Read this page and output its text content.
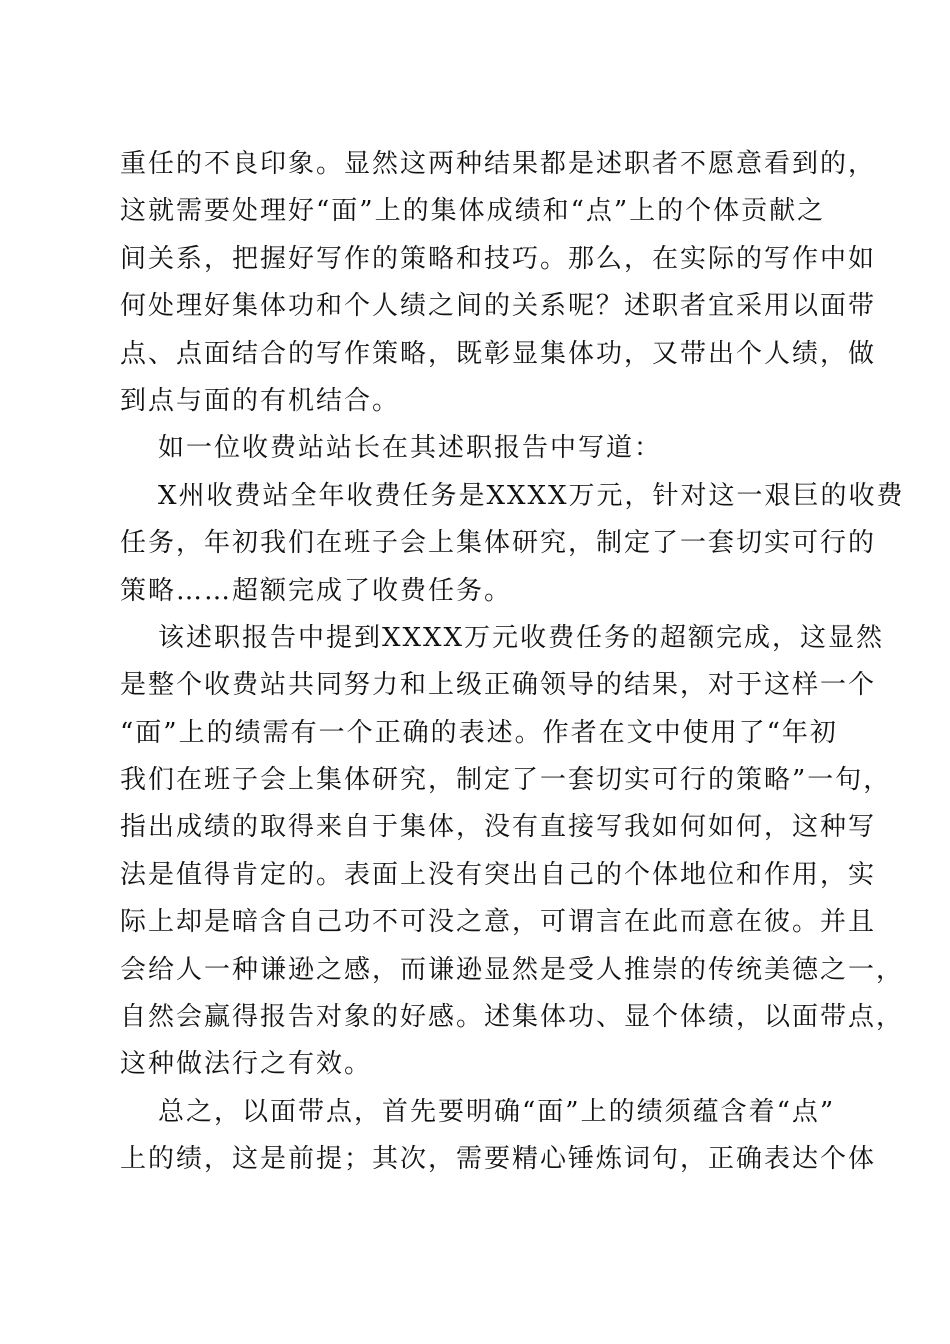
重任的不良印象。显然这两种结果都是述职者不愿意看到的，
这就需要处理好“面”上的集体成绩和“点”上的个体贡献之
间关系，把握好写作的策略和技巧。那么，在实际的写作中如
何处理好集体功和个人绩之间的关系呢？述职者宜采用以面带
点、点面结合的写作策略，既彰显集体功，又带出个人绩，做
到点与面的有机结合。
如一位收费站站长在其述职报告中写道：
X州收费站全年收费任务是XXXX万元，针对这一艰巨的收费
任务，年初我们在班子会上集体研究，制定了一套切实可行的
策略……超额完成了收费任务。
该述职报告中提到XXXX万元收费任务的超额完成，这显然
是整个收费站共同努力和上级正确领导的结果，对于这样一个
“面”上的绩需有一个正确的表述。作者在文中使用了“年初
我们在班子会上集体研究，制定了一套切实可行的策略”一句，
指出成绩的取得来自于集体，没有直接写我如何如何，这种写
法是值得肯定的。表面上没有突出自己的个体地位和作用，实
际上却是暗含自己功不可没之意，可谓言在此而意在彼。并且
会给人一种谦逊之感，而谦逊显然是受人推崇的传统美德之一，
自然会赢得报告对象的好感。述集体功、显个体绩，以面带点，
这种做法行之有效。
总之，以面带点，首先要明确“面”上的绩须蕴含着“点”
上的绩，这是前提；其次，需要精心锤炼词句，正确表达个体
